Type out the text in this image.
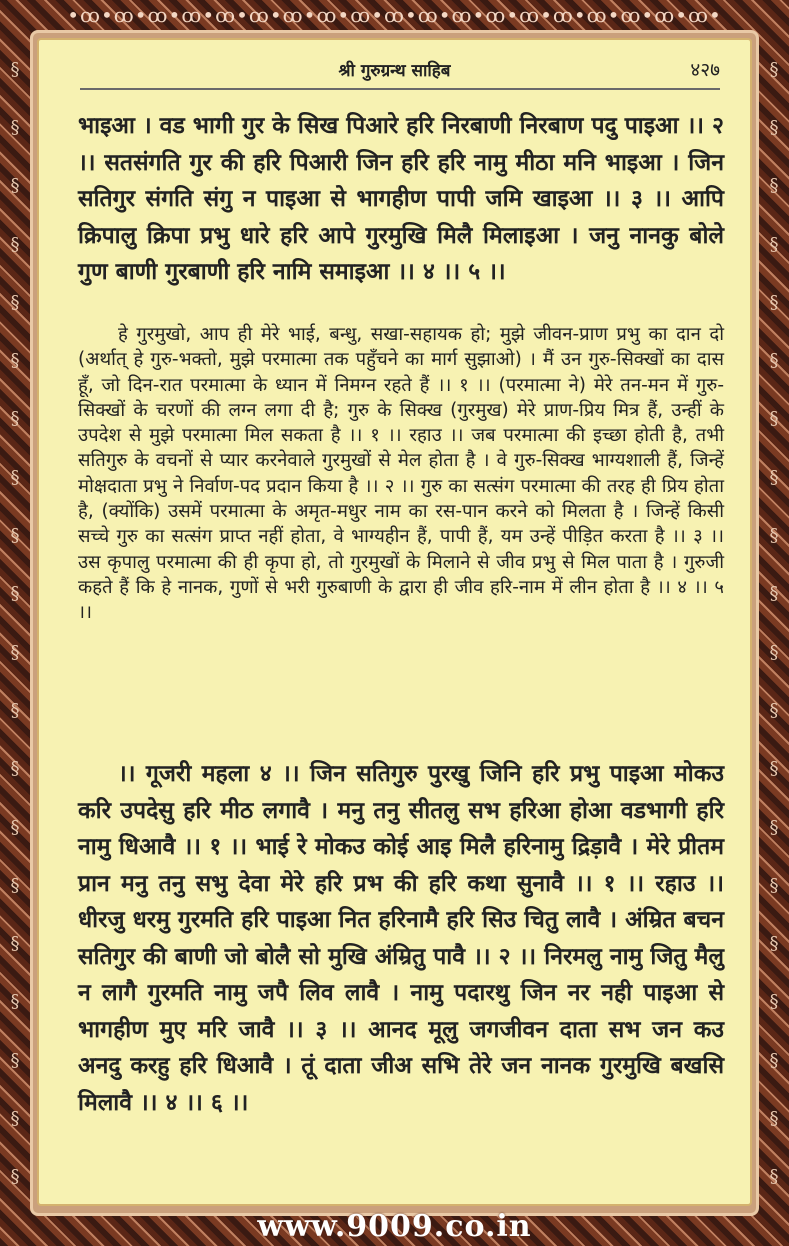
•ꝏ•ꝏ•ꝏ•ꝏ•ꝏ•ꝏ•ꝏ•ꝏ•ꝏ•ꝏ•ꝏ•ꝏ•ꝏ•ꝏ•ꝏ•ꝏ•ꝏ•ꝏ•ꝏ•
§
§
§
§
§
§
§
§
§
§
§
§
§
§
§
§
§
§
§
§
§
§
§
§
§
§
§
§
§
§
§
§
§
§
§
§
§
§
§
§
श्री गुरुग्रन्थ साहिब	४२७
भाइआ । वड भागी गुर के सिख पिआरे हरि निरबाणी निरबाण पदु पाइआ ।। २ ।। सतसंगति गुर की हरि पिआरी जिन हरि हरि नामु मीठा मनि भाइआ । जिन सतिगुर संगति संगु न पाइआ से भागहीण पापी जमि खाइआ ।। ३ ।। आपि क्रिपालु क्रिपा प्रभु धारे हरि आपे गुरमुखि मिलै मिलाइआ । जनु नानकु बोले गुण बाणी गुरबाणी हरि नामि समाइआ ।। ४ ।। ५ ।।
हे गुरमुखो, आप ही मेरे भाई, बन्धु, सखा-सहायक हो; मुझे जीवन-प्राण प्रभु का दान दो (अर्थात् हे गुरु-भक्तो, मुझे परमात्मा तक पहुँचने का मार्ग सुझाओ) । मैं उन गुरु-सिक्खों का दास हूँ, जो दिन-रात परमात्मा के ध्यान में निमग्न रहते हैं ।। १ ।। (परमात्मा ने) मेरे तन-मन में गुरु-सिक्खों के चरणों की लग्न लगा दी है; गुरु के सिक्ख (गुरमुख) मेरे प्राण-प्रिय मित्र हैं, उन्हीं के उपदेश से मुझे परमात्मा मिल सकता है ।। १ ।। रहाउ ।। जब परमात्मा की इच्छा होती है, तभी सतिगुरु के वचनों से प्यार करनेवाले गुरमुखों से मेल होता है । वे गुरु-सिक्ख भाग्यशाली हैं, जिन्हें मोक्षदाता प्रभु ने निर्वाण-पद प्रदान किया है ।। २ ।। गुरु का सत्संग परमात्मा की तरह ही प्रिय होता है, (क्योंकि) उसमें परमात्मा के अमृत-मधुर नाम का रस-पान करने को मिलता है । जिन्हें किसी सच्चे गुरु का सत्संग प्राप्त नहीं होता, वे भाग्यहीन हैं, पापी हैं, यम उन्हें पीड़ित करता है ।। ३ ।। उस कृपालु परमात्मा की ही कृपा हो, तो गुरमुखों के मिलाने से जीव प्रभु से मिल पाता है । गुरुजी कहते हैं कि हे नानक, गुणों से भरी गुरुबाणी के द्वारा ही जीव हरि-नाम में लीन होता है ।। ४ ।। ५ ।।
।। गूजरी महला ४ ।। जिन सतिगुरु पुरखु जिनि हरि प्रभु पाइआ मोकउ करि उपदेसु हरि मीठ लगावै । मनु तनु सीतलु सभ हरिआ होआ वडभागी हरि नामु धिआवै ।। १ ।। भाई रे मोकउ कोई आइ मिलै हरिनामु द्रिड़ावै । मेरे प्रीतम प्रान मनु तनु सभु देवा मेरे हरि प्रभ की हरि कथा सुनावै ।। १ ।। रहाउ ।। धीरजु धरमु गुरमति हरि पाइआ नित हरिनामै हरि सिउ चितु लावै । अंम्रित बचन सतिगुर की बाणी जो बोलै सो मुखि अंम्रितु पावै ।। २ ।। निरमलु नामु जितु मैलु न लागै गुरमति नामु जपै लिव लावै । नामु पदारथु जिन नर नही पाइआ से भागहीण मुए मरि जावै ।। ३ ।। आनद मूलु जगजीवन दाता सभ जन कउ अनदु करहु हरि धिआवै । तूं दाता जीअ सभि तेरे जन नानक गुरमुखि बखसि मिलावै ।। ४ ।। ६ ।।
www.9009.co.in
